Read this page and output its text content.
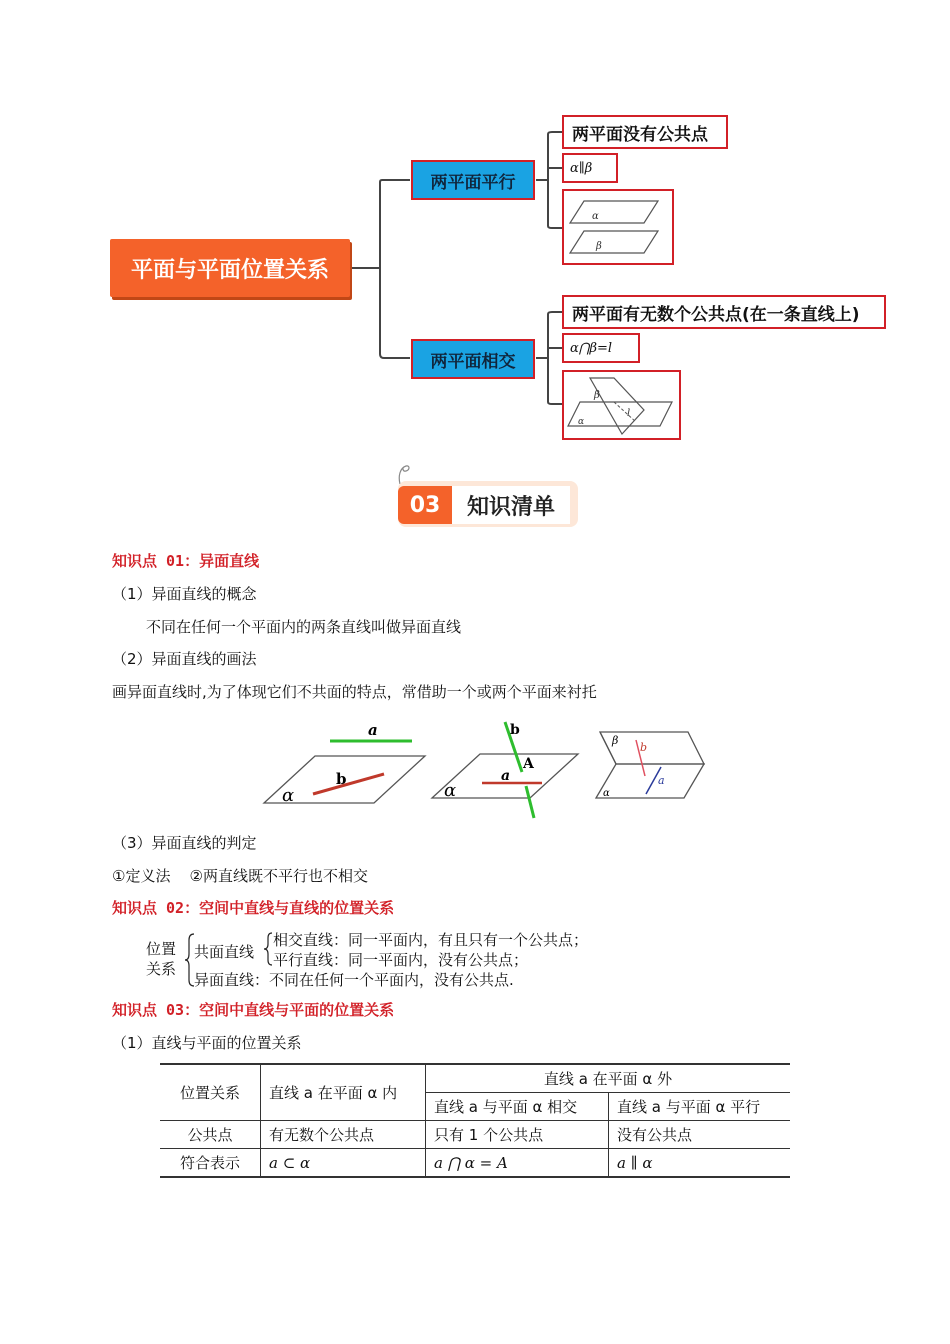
平面与平面位置关系
两平面平行
两平面相交
两平面没有公共点
α∥β
α
β
两平面有无数个公共点(在一条直线上)
α⋂β=l
β
l
α
03	知识清单
知识点 01：异面直线
（1）异面直线的概念
不同在任何一个平面内的两条直线叫做异面直线
（2）异面直线的画法
画异面直线时,为了体现它们不共面的特点，常借助一个或两个平面来衬托
a
b
α
b
A
a
α
β
b
a
α
（3）异面直线的判定
①定义法    ②两直线既不平行也不相交
知识点 02：空间中直线与直线的位置关系
位置
关系
共面直线
相交直线：同一平面内，有且只有一个公共点；
平行直线：同一平面内，没有公共点；
异面直线：不同在任何一个平面内，没有公共点.
知识点 03：空间中直线与平面的位置关系
（1）直线与平面的位置关系
位置关系	直线 a 在平面 α 内	直线 a 在平面 α 外	
		直线 a 与平面 α 相交	直线 a 与平面 α 平行
公共点	有无数个公共点	只有 1 个公共点	没有公共点
符合表示	a ⊂ α	a ⋂ α = A	a ∥ α
